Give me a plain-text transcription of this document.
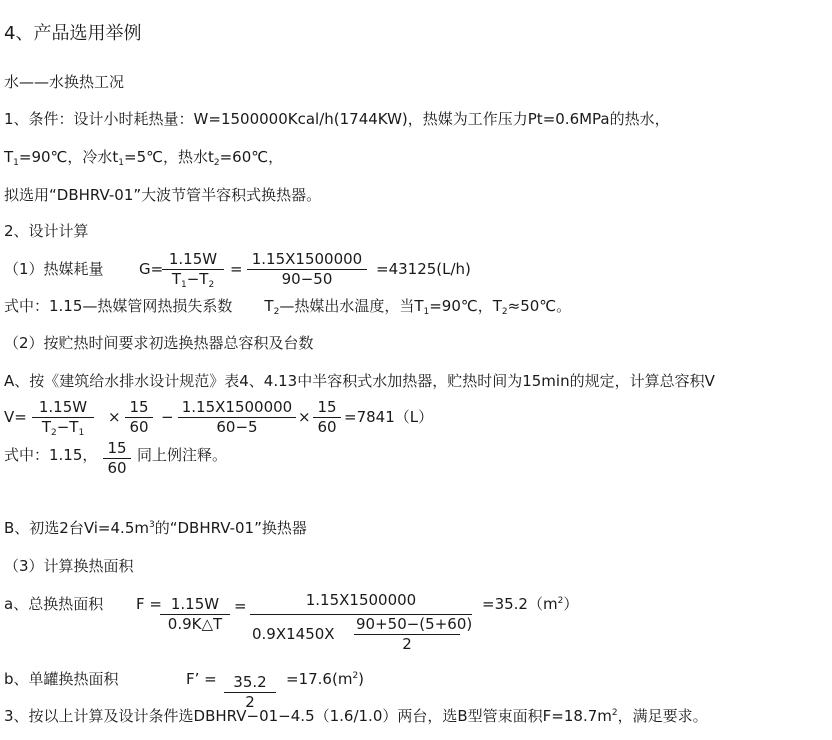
4、产品选用举例
水——水换热工况
1、条件：设计小时耗热量：W=1500000Kcal/h(1744KW)，热媒为工作压力Pt=0.6MPa的热水，
$T_1=90℃$，冷水$t_1=5℃$，热水$t_2=60℃$，
拟选用“DBHRV-01”大波节管半容积式换热器。
2、设计计算
（1）热媒耗量 G=
$\frac{1.15W}{T_1-T_2} = \frac{1.15X1500000}{90-50} =43125(L/h)$
式中：1.15—热媒管网热损失系数 $T_2—$热媒出水温度，当$T_1=90℃$，$T_2\approx 50℃$。
（2）按贮热时间要求初选换热器总容积及台数
A、按《建筑给水排水设计规范》表4、4.13中半容积式水加热器，贮热时间为15min的规定，计算总容积V
$V= \frac{1.15W}{T_2-T_1} \times \frac{15}{60} - \frac{1.15X1500000}{60-5} \times \frac{15}{60} =7841(L)$
式中：1.15， $\frac{15}{60}$ 同上例注释。
B、初选2台$Vi=4.5m^3$的“DBHRV-01”换热器
（3）计算换热面积
a、总换热面积 F =
$\frac{1.15W}{0.9K\triangle T} = \frac{1.15X1500000}{0.9X1450X \frac{90+50-(5+60)}{2}} =35.2(m^2)$
b、单罐换热面积	F’ = $\frac{35.2}{2} =17.6(m^2)$
3、按以上计算及设计条件选DBHRV−01−4.5（1.6/1.0）两台，选B型管束面积$F=18.7m^2$，满足要求。
